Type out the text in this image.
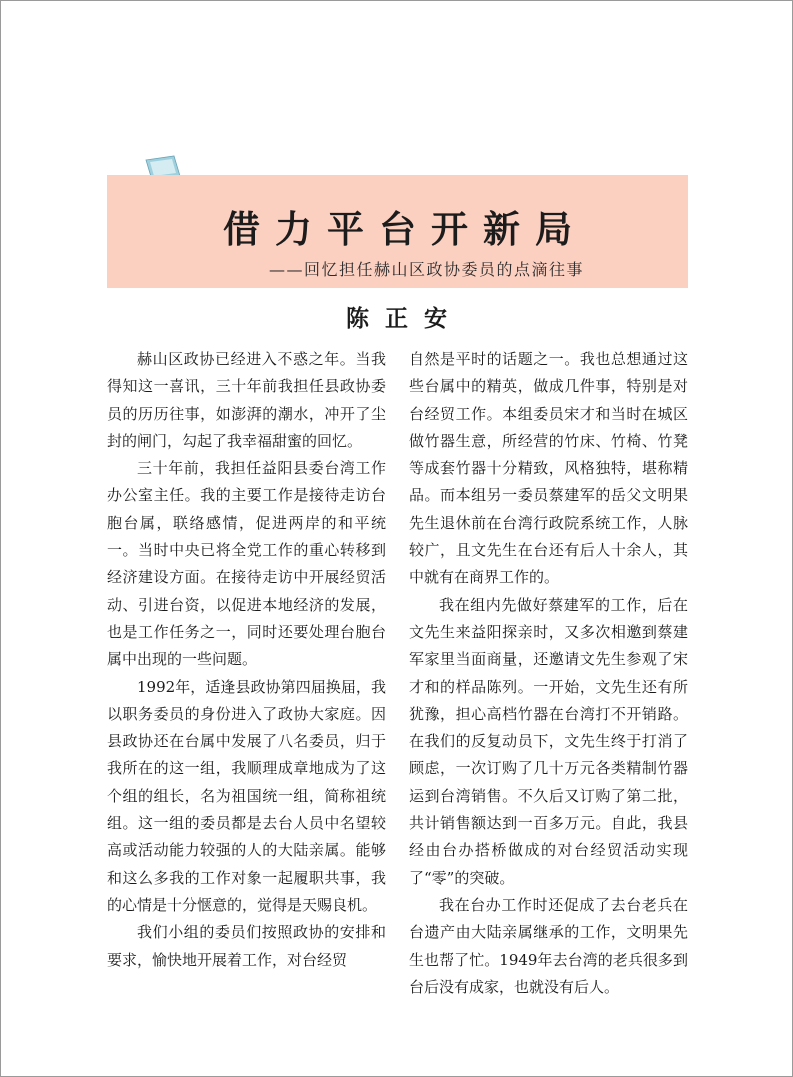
借力平台开新局
——回忆担任赫山区政协委员的点滴往事
陈正安

赫山区政协已经进入不惑之年。当我得知这一喜讯，三十年前我担任县政协委员的历历往事，如澎湃的潮水，冲开了尘封的闸门，勾起了我幸福甜蜜的回忆。

三十年前，我担任益阳县委台湾工作办公室主任。我的主要工作是接待走访台胞台属，联络感情，促进两岸的和平统一。当时中央已将全党工作的重心转移到经济建设方面。在接待走访中开展经贸活动、引进台资，以促进本地经济的发展，也是工作任务之一，同时还要处理台胞台属中出现的一些问题。

1992年，适逢县政协第四届换届，我以职务委员的身份进入了政协大家庭。因县政协还在台属中发展了八名委员，归于我所在的这一组，我顺理成章地成为了这个组的组长，名为祖国统一组，简称祖统组。这一组的委员都是去台人员中名望较高或活动能力较强的人的大陆亲属。能够和这么多我的工作对象一起履职共事，我的心情是十分惬意的，觉得是天赐良机。

我们小组的委员们按照政协的安排和要求，愉快地开展着工作，对台经贸

自然是平时的话题之一。我也总想通过这些台属中的精英，做成几件事，特别是对台经贸工作。本组委员宋才和当时在城区做竹器生意，所经营的竹床、竹椅、竹凳等成套竹器十分精致，风格独特，堪称精品。而本组另一委员蔡建军的岳父文明果先生退休前在台湾行政院系统工作，人脉较广，且文先生在台还有后人十余人，其中就有在商界工作的。

我在组内先做好蔡建军的工作，后在文先生来益阳探亲时，又多次相邀到蔡建军家里当面商量，还邀请文先生参观了宋才和的样品陈列。一开始，文先生还有所犹豫，担心高档竹器在台湾打不开销路。在我们的反复动员下，文先生终于打消了顾虑，一次订购了几十万元各类精制竹器运到台湾销售。不久后又订购了第二批，共计销售额达到一百多万元。自此，我县经由台办搭桥做成的对台经贸活动实现了“零”的突破。

我在台办工作时还促成了去台老兵在台遗产由大陆亲属继承的工作，文明果先生也帮了忙。1949年去台湾的老兵很多到台后没有成家，也就没有后人。
